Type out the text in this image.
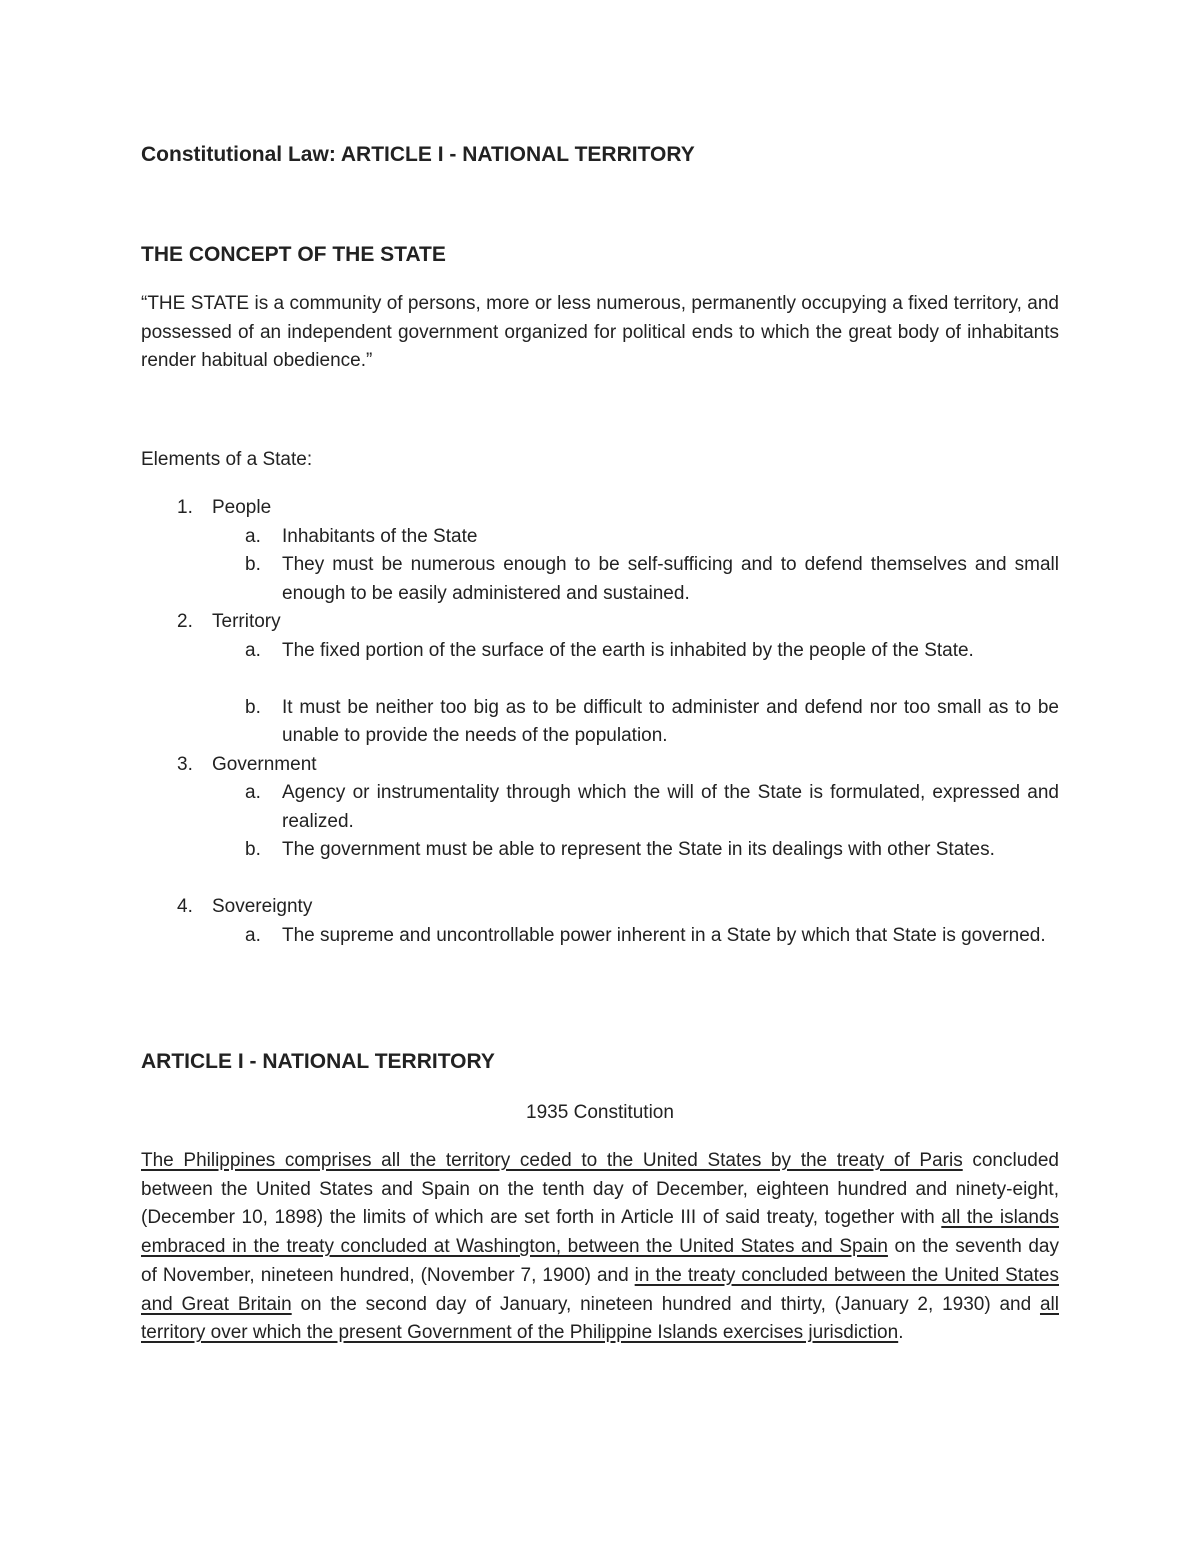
Constitutional Law: ARTICLE I - NATIONAL TERRITORY
THE CONCEPT OF THE STATE

“THE STATE is a community of persons, more or less numerous, permanently occupying a fixed territory, and possessed of an independent government organized for political ends to which the great body of inhabitants render habitual obedience.”

Elements of a State:

1.	People
a.	Inhabitants of the State
b.	They must be numerous enough to be self-sufficing and to defend themselves and small enough to be easily administered and sustained.
2.	Territory
a.	The fixed portion of the surface of the earth is inhabited by the people of the State.
b.	It must be neither too big as to be difficult to administer and defend nor too small as to be unable to provide the needs of the population.
3.	Government
a.	Agency or instrumentality through which the will of the State is formulated, expressed and realized.
b.	The government must be able to represent the State in its dealings with other States.
4.	Sovereignty
a.	The supreme and uncontrollable power inherent in a State by which that State is governed.
ARTICLE I - NATIONAL TERRITORY

1935 Constitution

The Philippines comprises all the territory ceded to the United States by the treaty of Paris concluded between the United States and Spain on the tenth day of December, eighteen hundred and ninety-eight, (December 10, 1898) the limits of which are set forth in Article III of said treaty, together with all the islands embraced in the treaty concluded at Washington, between the United States and Spain on the seventh day of November, nineteen hundred, (November 7, 1900) and in the treaty concluded between the United States and Great Britain on the second day of January, nineteen hundred and thirty, (January 2, 1930) and all territory over which the present Government of the Philippine Islands exercises jurisdiction.
